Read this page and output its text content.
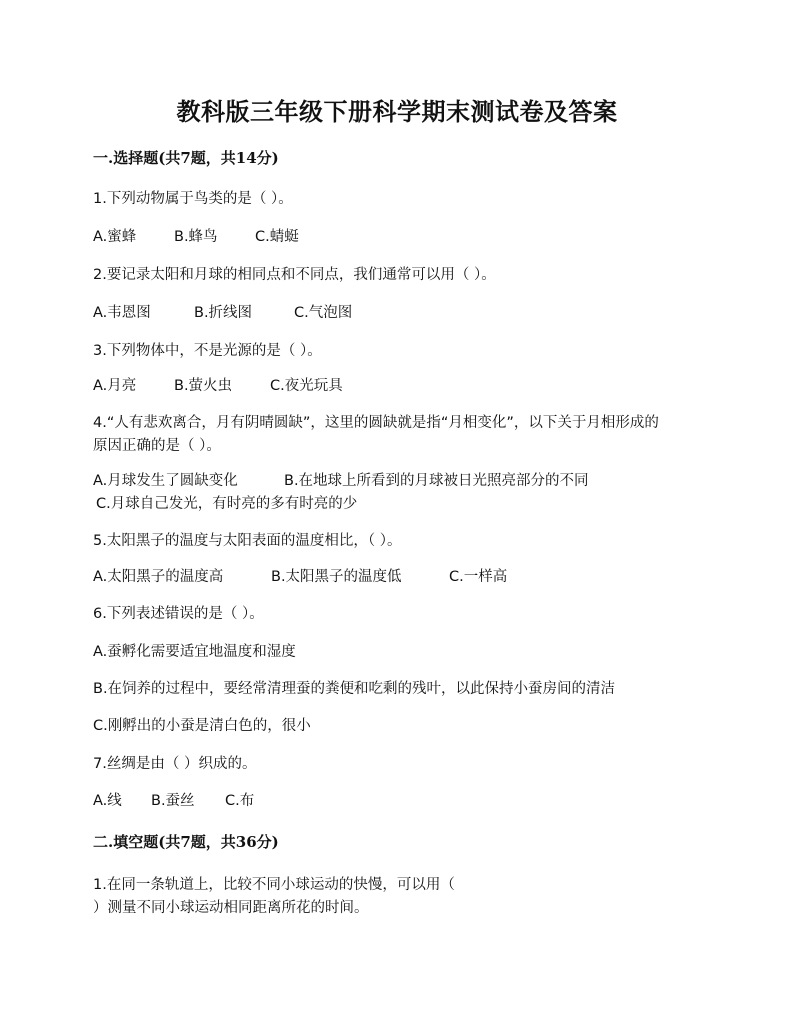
教科版三年级下册科学期末测试卷及答案
一.选择题(共7题，共14分)
1.下列动物属于鸟类的是（ ）。
A.蜜蜂	B.蜂鸟	C.蜻蜓
2.要记录太阳和月球的相同点和不同点，我们通常可以用（ ）。
A.韦恩图	B.折线图	C.气泡图
3.下列物体中，不是光源的是（ ）。
A.月亮	B.萤火虫	C.夜光玩具
4.“人有悲欢离合，月有阴晴圆缺”，这里的圆缺就是指“月相变化”，以下关于月相形成的
原因正确的是（ ）。
A.月球发生了圆缺变化	B.在地球上所看到的月球被日光照亮部分的不同
C.月球自己发光，有时亮的多有时亮的少
5.太阳黑子的温度与太阳表面的温度相比，（ ）。
A.太阳黑子的温度高	B.太阳黑子的温度低	C.一样高
6.下列表述错误的是（ ）。
A.蚕孵化需要适宜地温度和湿度
B.在饲养的过程中，要经常清理蚕的粪便和吃剩的残叶，以此保持小蚕房间的清洁
C.刚孵出的小蚕是清白色的，很小
7.丝绸是由（ ）织成的。
A.线 B.蚕丝 C.布
二.填空题(共7题，共36分)
1.在同一条轨道上，比较不同小球运动的快慢，可以用（
）测量不同小球运动相同距离所花的时间。
